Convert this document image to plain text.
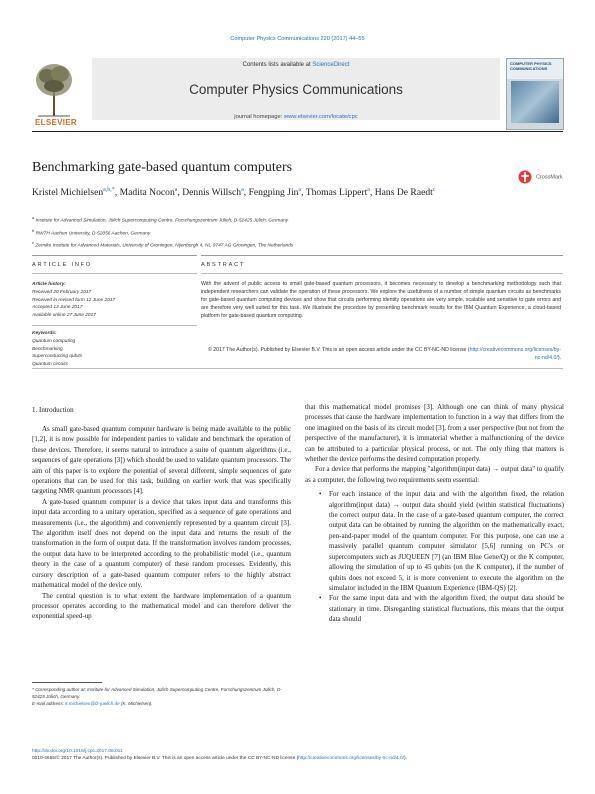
Computer Physics Communications 220 (2017) 44–55
ELSEVIER
Contents lists available at ScienceDirect
Computer Physics Communications
journal homepage: www.elsevier.com/locate/cpc
COMPUTER PHYSICS COMMUNICATIONS
Benchmarking gate-based quantum computers
CrossMark
Kristel Michielsen$^{a,b,*}$, Madita Nocon$^a$, Dennis Willsch$^a$, Fengping Jin$^a$, Thomas Lippert$^a$, Hans De Raedt$^c$
$^a$ Institute for Advanced Simulation, Jülich Supercomputing Centre, Forschungszentrum Jülich, D-52425 Jülich, Germany
$^b$ RWTH Aachen University, D-52056 Aachen, Germany
$^c$ Zernike Institute for Advanced Materials, University of Groningen, Nijenborgh 4, NL-9747 AG Groningen, The Netherlands
ARTICLE INFO	ABSTRACT
Article history:
Received 20 February 2017
Received in revised form 12 June 2017
Accepted 13 June 2017
Available online 27 June 2017
Keywords:
Quantum computing
Benchmarking
Superconducting qubits
Quantum circuits
With the advent of public access to small gate-based quantum processors, it becomes necessary to develop a benchmarking methodology such that independent researchers can validate the operation of these processors. We explore the usefulness of a number of simple quantum circuits as benchmarks for gate-based quantum computing devices and show that circuits performing identity operations are very simple, scalable and sensitive to gate errors and are therefore very well suited for this task. We illustrate the procedure by presenting benchmark results for the IBM Quantum Experience, a cloud-based platform for gate-based quantum computing.
© 2017 The Author(s). Published by Elsevier B.V. This is an open access article under the CC BY-NC-ND license (http://creativecommons.org/licenses/by-nc-nd/4.0/).
1. Introduction

As small gate-based quantum computer hardware is being made available to the public [1,2], it is now possible for independent parties to validate and benchmark the operation of these devices. Therefore, it seems natural to introduce a suite of quantum algorithms (i.e., sequences of gate operations [3]) which should be used to validate quantum processors. The aim of this paper is to explore the potential of several different, simple sequences of gate operations that can be used for this task, building on earlier work that was specifically targeting NMR quantum processors [4].

A gate-based quantum computer is a device that takes input data and transforms this input data according to a unitary operation, specified as a sequence of gate operations and measurements (i.e., the algorithm) and conveniently represented by a quantum circuit [3]. The algorithm itself does not depend on the input data and returns the result of the transformation in the form of output data. If the transformation involves random processes, the output data have to be interpreted according to the probabilistic model (i.e., quantum theory in the case of a quantum computer) of these random processes. Evidently, this cursory description of a gate-based quantum computer refers to the highly abstract mathematical model of the device only.

The central question is to what extent the hardware implementation of a quantum processor operates according to the mathematical model and can therefore deliver the exponential speed-up

that this mathematical model promises [3]. Although one can think of many physical processes that cause the hardware implementation to function in a way that differs from the one imagined on the basis of its circuit model [3], from a user perspective (but not from the perspective of the manufacturer), it is immaterial whether a malfunctioning of the device can be attributed to a particular physical process, or not. The only thing that matters is whether the device performs the desired computation properly.

For a device that performs the mapping "algorithm(input data) → output data" to qualify as a computer, the following two requirements seem essential:

• For each instance of the input data and with the algorithm fixed, the relation algorithm(input data) → output data should yield (within statistical fluctuations) the correct output data. In the case of a gate-based quantum computer, the correct output data can be obtained by running the algorithm on the mathematically exact, pen-and-paper model of the quantum computer. For this purpose, one can use a massively parallel quantum computer simulator [5,6] running on PC's or supercomputers such as JUQUEEN [7] (an IBM Blue Gene/Q) or the K computer, allowing the simulation of up to 45 qubits (on the K computer), if the number of qubits does not exceed 5, it is more convenient to execute the algorithm on the simulator included in the IBM Quantum Experience (IBM-QS) [2].
• For the same input data and with the algorithm fixed, the output data should be stationary in time. Disregarding statistical fluctuations, this means that the output data should
* Corresponding author at: Institute for Advanced Simulation, Jülich Supercomputing Centre, Forschungszentrum Jülich, D-52425 Jülich, Germany.
E-mail address: k.michielsen@fz-juelich.de (K. Michielsen).
http://dx.doi.org/10.1016/j.cpc.2017.06.011
0010-4655/© 2017 The Author(s). Published by Elsevier B.V. This is an open access article under the CC BY-NC-ND license (http://creativecommons.org/licenses/by-nc-nd/4.0/).
